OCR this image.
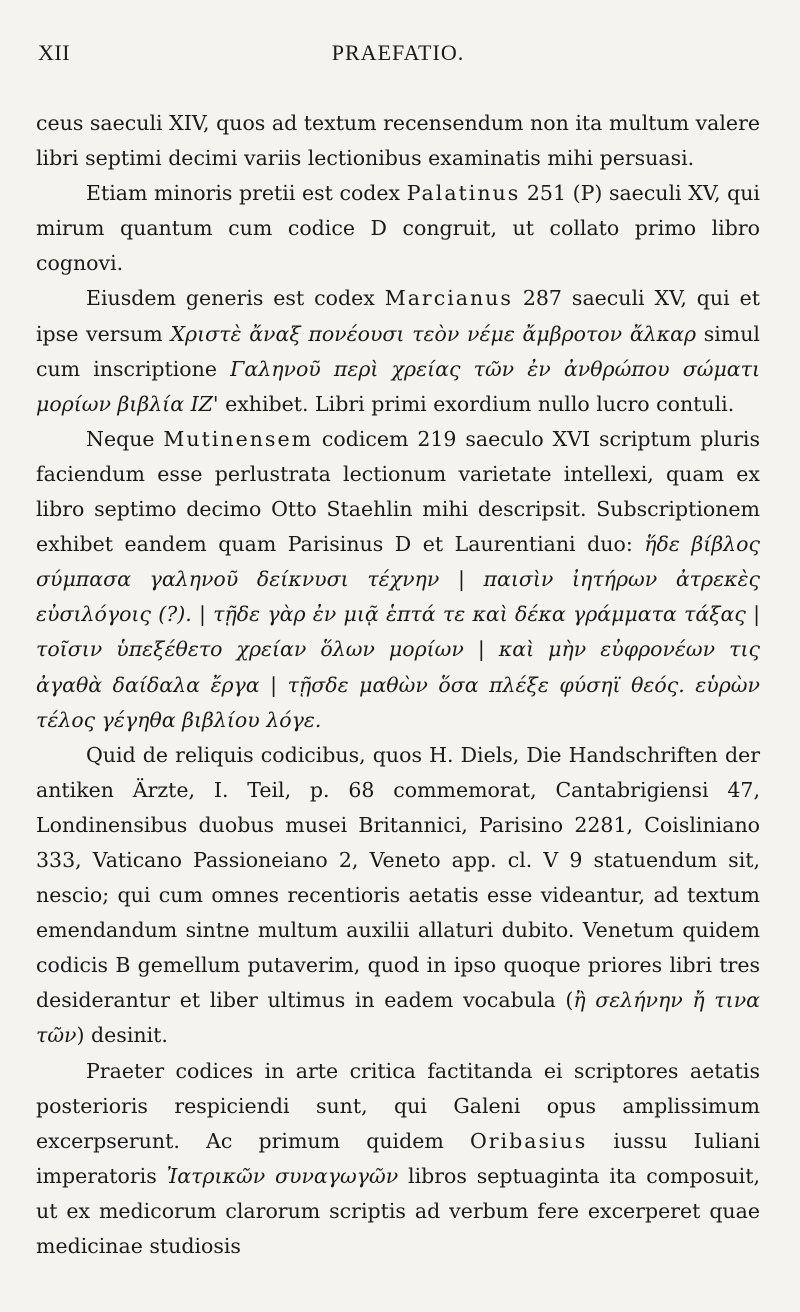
XII	PRAEFATIO.

ceus saeculi XIV, quos ad textum recensendum non ita multum valere libri septimi decimi variis lectionibus examinatis mihi persuasi.

Etiam minoris pretii est codex Palatinus 251 (P) saeculi XV, qui mirum quantum cum codice D congruit, ut collato primo libro cognovi.

Eiusdem generis est codex Marcianus 287 saeculi XV, qui et ipse versum Χριστὲ ἄναξ πονέουσι τεὸν νέμε ἄμβροτον ἄλκαρ simul cum inscriptione Γαληνοῦ περὶ χρείας τῶν ἐν ἀνθρώπου σώματι μορίων βιβλία ΙΖ' exhibet. Libri primi exordium nullo lucro contuli.

Neque Mutinensem codicem 219 saeculo XVI scriptum pluris faciendum esse perlustrata lectionum varietate intellexi, quam ex libro septimo decimo Otto Staehlin mihi descripsit. Subscriptionem exhibet eandem quam Parisinus D et Laurentiani duo: ἥδε βίβλος σύμπασα γαληνοῦ δείκνυσι τέχνην | παισὶν ἰητήρων ἀτρεκὲς εὐσιλόγοις (?). | τῇδε γὰρ ἐν μιᾷ ἑπτά τε καὶ δέκα γράμματα τάξας | τοῖσιν ὑπεξέθετο χρείαν ὅλων μορίων | καὶ μὴν εὐφρονέων τις ἀγαθὰ δαίδαλα ἔργα | τῇσδε μαθὼν ὅσα πλέξε φύσηϊ θεός. εὑρὼν τέλος γέγηθα βιβλίου λόγε.

Quid de reliquis codicibus, quos H. Diels, Die Handschriften der antiken Ärzte, I. Teil, p. 68 commemorat, Cantabrigiensi 47, Londinensibus duobus musei Britannici, Parisino 2281, Coisliniano 333, Vaticano Passioneiano 2, Veneto app. cl. V 9 statuendum sit, nescio; qui cum omnes recentioris aetatis esse videantur, ad textum emendandum sintne multum auxilii allaturi dubito. Venetum quidem codicis B gemellum putaverim, quod in ipso quoque priores libri tres desiderantur et liber ultimus in eadem vocabula (ἢ σελήνην ἤ τινα τῶν) desinit.

Praeter codices in arte critica factitanda ei scriptores aetatis posterioris respiciendi sunt, qui Galeni opus amplissimum excerpserunt. Ac primum quidem Oribasius iussu Iuliani imperatoris Ἰατρικῶν συναγωγῶν libros septuaginta ita composuit, ut ex medicorum clarorum scriptis ad verbum fere excerperet quae medicinae studiosis
